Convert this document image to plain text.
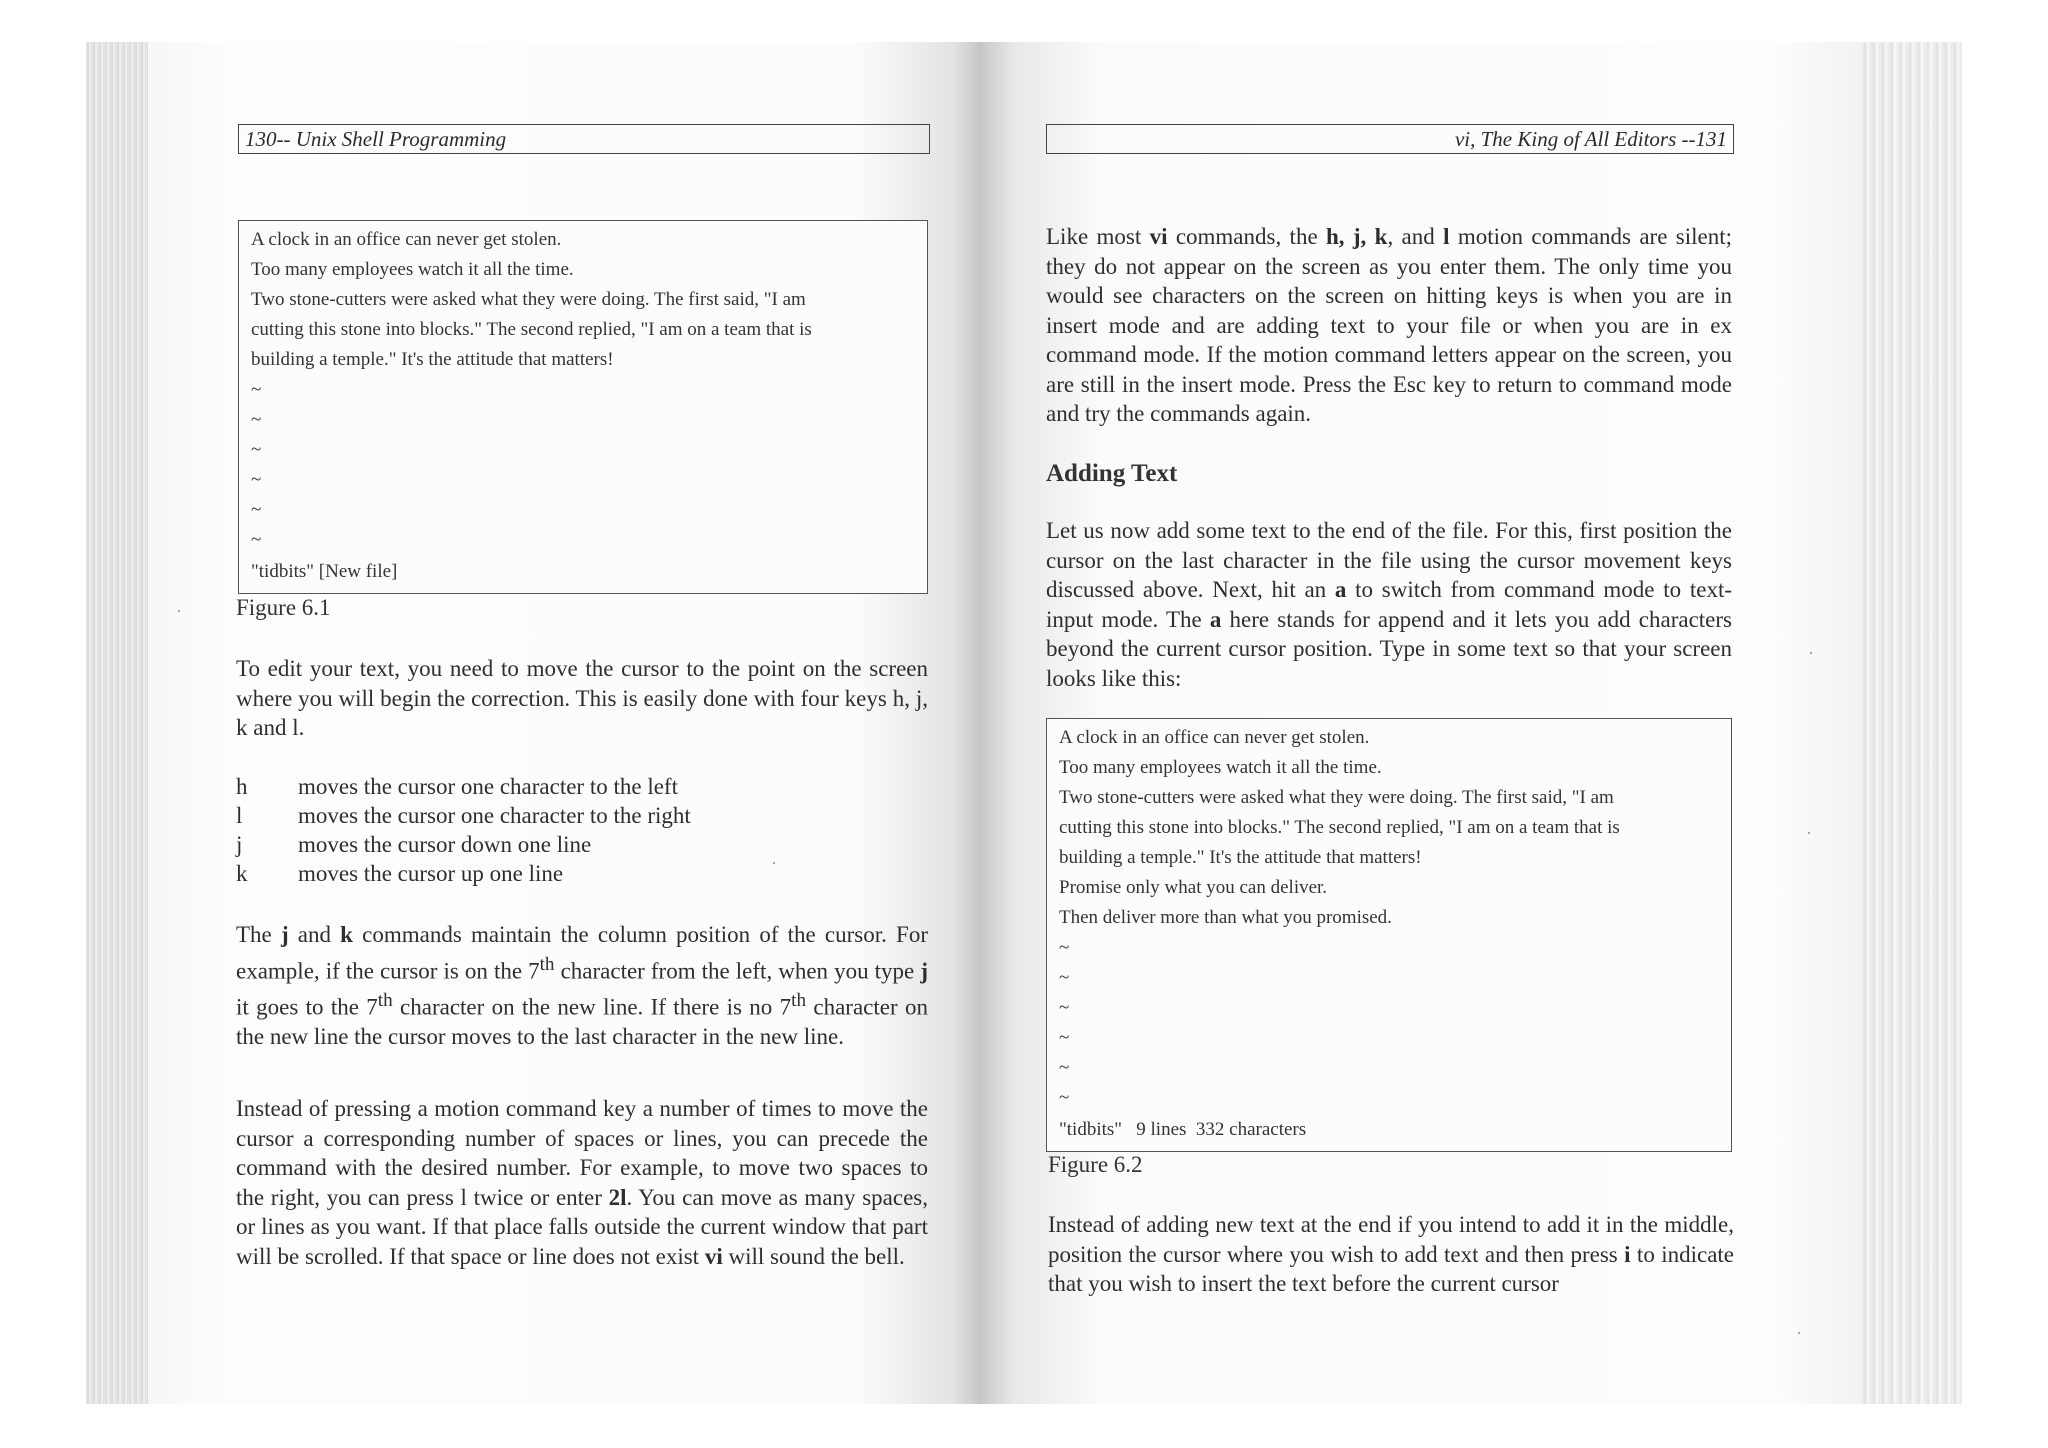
130-- Unix Shell Programming
A clock in an office can never get stolen.
Too many employees watch it all the time.
Two stone-cutters were asked what they were doing. The first said, "I am
cutting this stone into blocks." The second replied, "I am on a team that is
building a temple." It's the attitude that matters!
~
~
~
~
~
~
"tidbits" [New file]
Figure 6.1
To edit your text, you need to move the cursor to the point on the screen where you will begin the correction. This is easily done with four keys h, j, k and l.
h moves the cursor one character to the left
l moves the cursor one character to the right
j moves the cursor down one line
k moves the cursor up one line
The j and k commands maintain the column position of the cursor. For example, if the cursor is on the 7th character from the left, when you type j it goes to the 7th character on the new line. If there is no 7th character on the new line the cursor moves to the last character in the new line.
Instead of pressing a motion command key a number of times to move the cursor a corresponding number of spaces or lines, you can precede the command with the desired number. For example, to move two spaces to the right, you can press l twice or enter 2l. You can move as many spaces, or lines as you want. If that place falls outside the current window that part will be scrolled. If that space or line does not exist vi will sound the bell.
vi, The King of All Editors --131
Like most vi commands, the h, j, k, and l motion commands are silent; they do not appear on the screen as you enter them. The only time you would see characters on the screen on hitting keys is when you are in insert mode and are adding text to your file or when you are in ex command mode. If the motion command letters appear on the screen, you are still in the insert mode. Press the Esc key to return to command mode and try the commands again.
Adding Text
Let us now add some text to the end of the file. For this, first position the cursor on the last character in the file using the cursor movement keys discussed above. Next, hit an a to switch from command mode to text-input mode. The a here stands for append and it lets you add characters beyond the current cursor position. Type in some text so that your screen looks like this:
A clock in an office can never get stolen.
Too many employees watch it all the time.
Two stone-cutters were asked what they were doing. The first said, "I am
cutting this stone into blocks." The second replied, "I am on a team that is
building a temple." It's the attitude that matters!
Promise only what you can deliver.
Then deliver more than what you promised.
~
~
~
~
~
~
"tidbits"   9 lines  332 characters
Figure 6.2
Instead of adding new text at the end if you intend to add it in the middle, position the cursor where you wish to add text and then press i to indicate that you wish to insert the text before the current cursor
